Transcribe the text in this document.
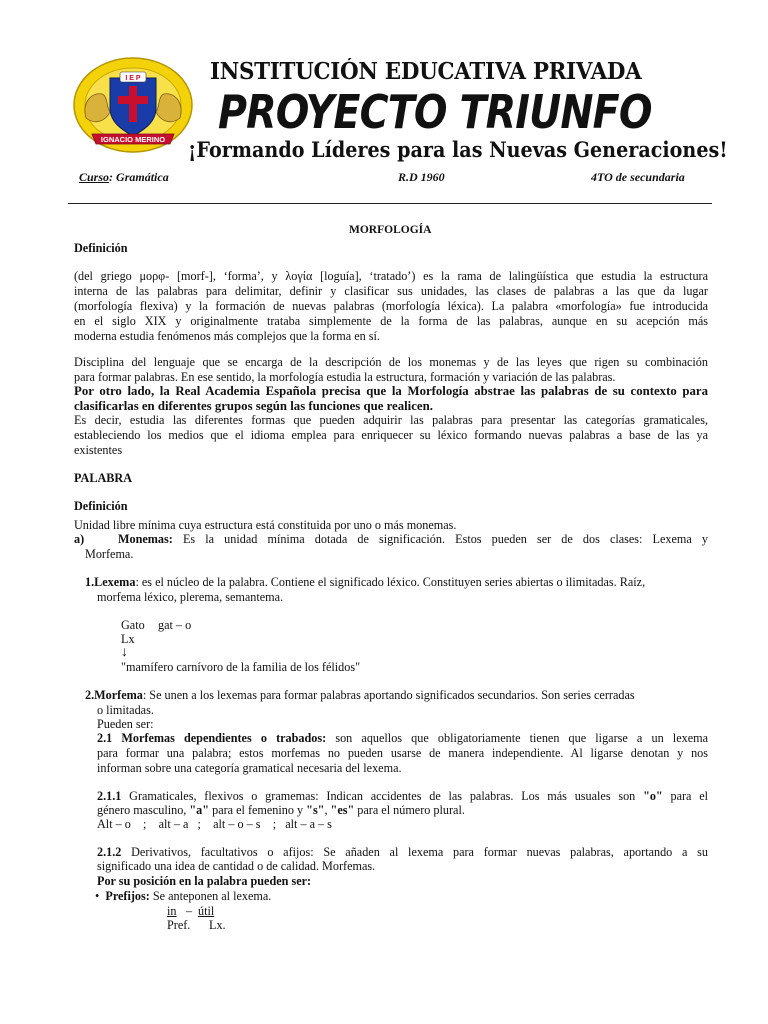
I E P
IGNACIO MERINO
INSTITUCIÓN EDUCATIVA PRIVADA
PROYECTO TRIUNFO
¡Formando Líderes para las Nuevas Generaciones!
Curso: Gramática	R.D 1960	4TO de secundaria
MORFOLOGÍA
Definición
(del griego μορφ- [morf-], ‘forma’, y λογία [loguía], ‘tratado’) es la rama de lalingüística que estudia la estructura
interna de las palabras para delimitar, definir y clasificar sus unidades, las clases de palabras a las que da lugar
(morfología flexiva) y la formación de nuevas palabras (morfología léxica). La palabra «morfología» fue introducida
en el siglo XIX y originalmente trataba simplemente de la forma de las palabras, aunque en su acepción más
moderna estudia fenómenos más complejos que la forma en sí.
Disciplina del lenguaje que se encarga de la descripción de los monemas y de las leyes que rigen su combinación
para formar palabras. En ese sentido, la morfología estudia la estructura, formación y variación de las palabras.
Por otro lado, la Real Academia Española precisa que la Morfología abstrae las palabras de su contexto para
clasificarlas en diferentes grupos según las funciones que realicen.
Es decir, estudia las diferentes formas que pueden adquirir las palabras para presentar las categorías gramaticales,
estableciendo los medios que el idioma emplea para enriquecer su léxico formando nuevas palabras a base de las ya
existentes
PALABRA
Definición
Unidad libre mínima cuya estructura está constituida por uno o más monemas.
a)	Monemas: Es la unidad mínima dotada de significación. Estos pueden ser de dos clases: Lexema y
Morfema.
1.Lexema: es el núcleo de la palabra. Contiene el significado léxico. Constituyen series abiertas o ilimitadas. Raíz,
morfema léxico, plerema, semantema.
Gato gat – o
Lx
↓
"mamífero carnívoro de la familia de los félidos"
2.Morfema: Se unen a los lexemas para formar palabras aportando significados secundarios. Son series cerradas
o limitadas.
Pueden ser:
2.1 Morfemas dependientes o trabados: son aquellos que obligatoriamente tienen que ligarse a un lexema
para formar una palabra; estos morfemas no pueden usarse de manera independiente. Al ligarse denotan y nos
informan sobre una categoría gramatical necesaria del lexema.
2.1.1 Gramaticales, flexivos o gramemas: Indican accidentes de las palabras. Los más usuales son "o" para el
género masculino, "a" para el femenino y "s", "es" para el número plural.
Alt – o    ;    alt – a   ;    alt – o – s    ;   alt – a – s
2.1.2 Derivativos, facultativos o afijos: Se añaden al lexema para formar nuevas palabras, aportando a su
significado una idea de cantidad o de calidad. Morfemas.
Por su posición en la palabra pueden ser:
• Prefijos: Se anteponen al lexema.
in – útil
Pref. Lx.
